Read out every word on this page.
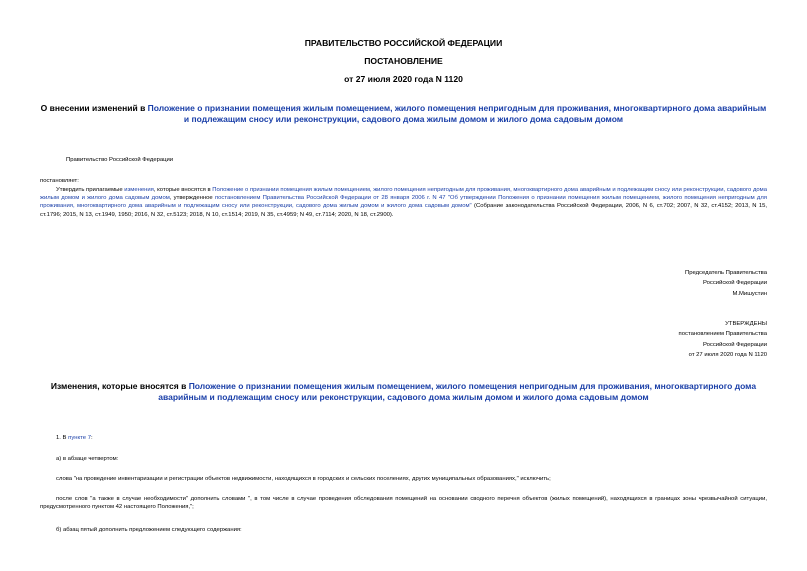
ПРАВИТЕЛЬСТВО РОССИЙСКОЙ ФЕДЕРАЦИИ
ПОСТАНОВЛЕНИЕ
от 27 июля 2020 года N 1120
О внесении изменений в Положение о признании помещения жилым помещением, жилого помещения непригодным для проживания, многоквартирного дома аварийным и подлежащим сносу или реконструкции, садового дома жилым домом и жилого дома садовым домом
Правительство Российской Федерации
постановляет:
Утвердить прилагаемые изменения, которые вносятся в Положение о признании помещения жилым помещением, жилого помещения непригодным для проживания, многоквартирного дома аварийным и подлежащим сносу или реконструкции, садового дома жилым домом и жилого дома садовым домом, утвержденное постановлением Правительства Российской Федерации от 28 января 2006 г. N 47 "Об утверждении Положения о признании помещения жилым помещением, жилого помещения непригодным для проживания, многоквартирного дома аварийным и подлежащим сносу или реконструкции, садового дома жилым домом и жилого дома садовым домом" (Собрание законодательства Российской Федерации, 2006, N 6, ст.702; 2007, N 32, ст.4152; 2013, N 15, ст.1796; 2015, N 13, ст.1949, 1950; 2016, N 32, ст.5123; 2018, N 10, ст.1514; 2019, N 35, ст.4959; N 49, ст.7114; 2020, N 18, ст.2900).
Председатель Правительства
Российской Федерации
М.Мишустин
УТВЕРЖДЕНЫ
постановлением Правительства
Российской Федерации
от 27 июля 2020 года N 1120
Изменения, которые вносятся в Положение о признании помещения жилым помещением, жилого помещения непригодным для проживания, многоквартирного дома аварийным и подлежащим сносу или реконструкции, садового дома жилым домом и жилого дома садовым домом
1. В пункте 7:
а) в абзаце четвертом:
слова "на проведение инвентаризации и регистрации объектов недвижимости, находящихся в городских и сельских поселениях, других муниципальных образованиях," исключить;
после слов "а также в случае необходимости" дополнить словами ", в том числе в случае проведения обследования помещений на основании сводного перечня объектов (жилых помещений), находящихся в границах зоны чрезвычайной ситуации, предусмотренного пунктом 42 настоящего Положения,";
б) абзац пятый дополнить предложением следующего содержания:
